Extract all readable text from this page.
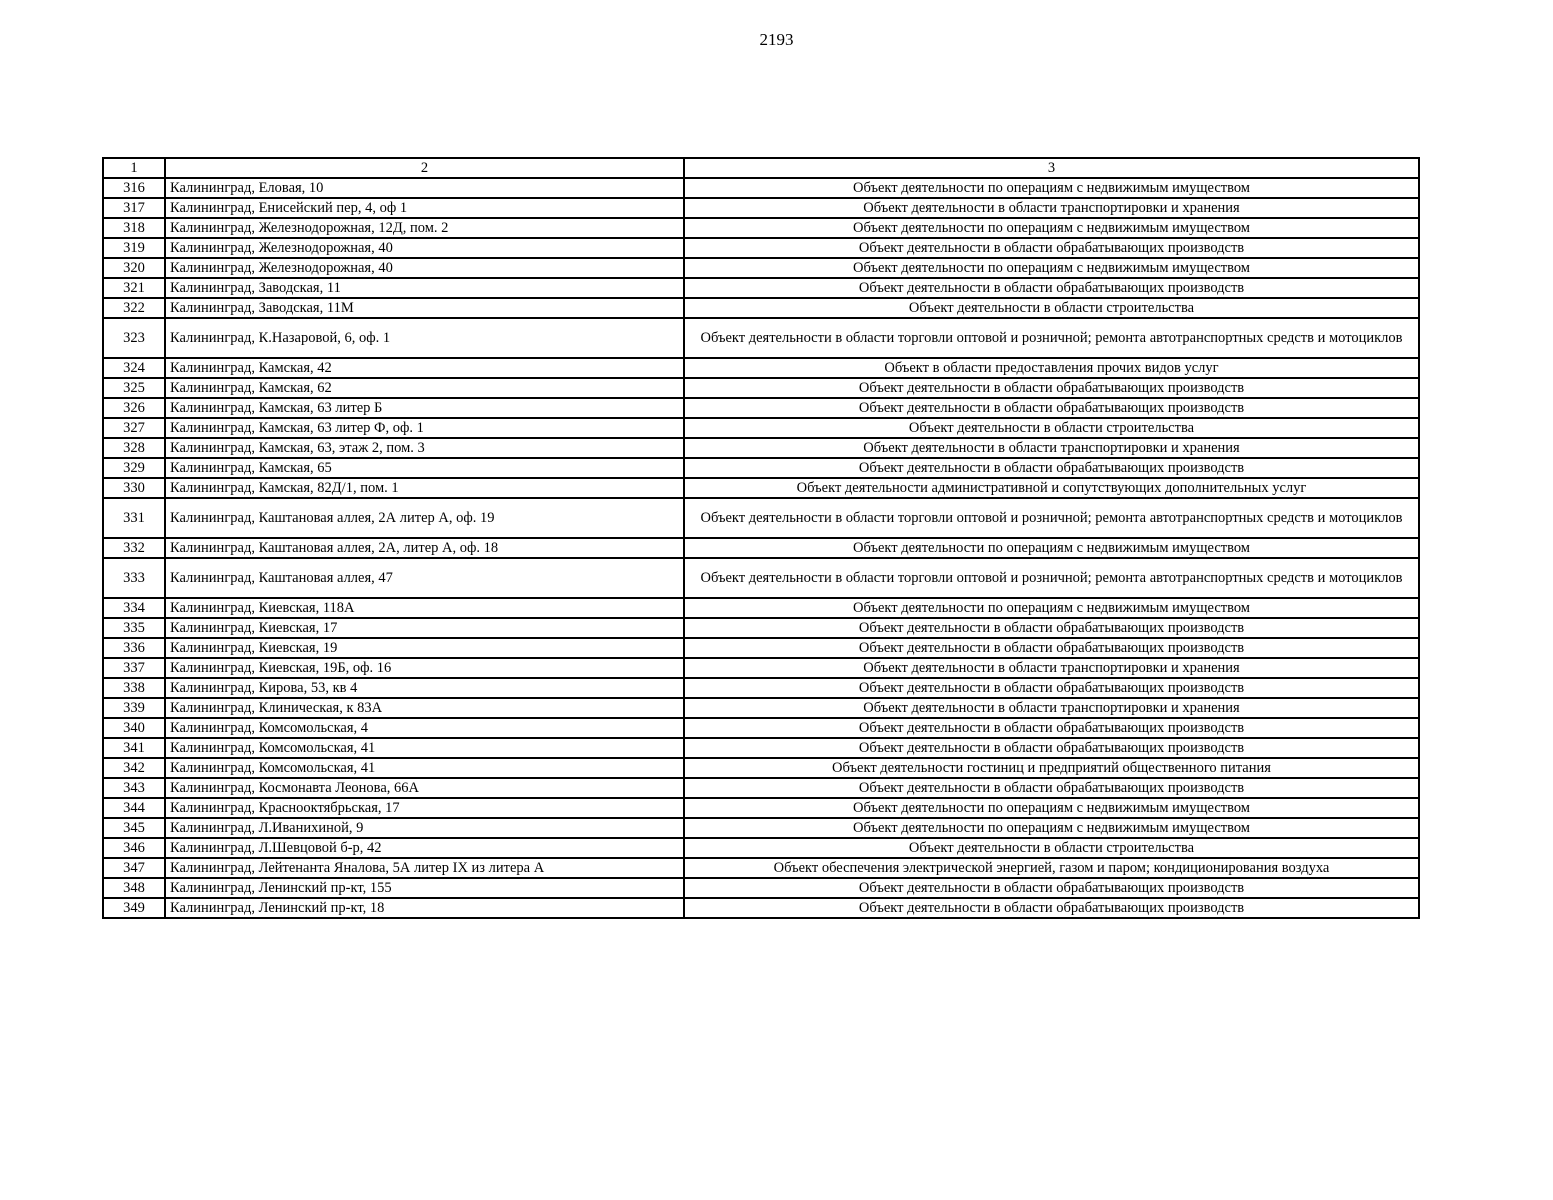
2193
1	2	3
316	Калининград, Еловая, 10	Объект деятельности по операциям с недвижимым имуществом
317	Калининград, Енисейский пер, 4, оф 1	Объект деятельности в области транспортировки и хранения
318	Калининград, Железнодорожная, 12Д, пом. 2	Объект деятельности по операциям с недвижимым имуществом
319	Калининград, Железнодорожная, 40	Объект деятельности в области обрабатывающих производств
320	Калининград, Железнодорожная, 40	Объект деятельности по операциям с недвижимым имуществом
321	Калининград, Заводская, 11	Объект деятельности в области обрабатывающих производств
322	Калининград, Заводская, 11М	Объект деятельности в области строительства
323	Калининград, К.Назаровой, 6, оф. 1	Объект деятельности в области торговли оптовой и розничной; ремонта автотранспортных средств и мотоциклов
324	Калининград, Камская, 42	Объект в области предоставления прочих видов услуг
325	Калининград, Камская, 62	Объект деятельности в области обрабатывающих производств
326	Калининград, Камская, 63 литер Б	Объект деятельности в области обрабатывающих производств
327	Калининград, Камская, 63 литер Ф, оф. 1	Объект деятельности в области строительства
328	Калининград, Камская, 63, этаж 2, пом. 3	Объект деятельности в области транспортировки и хранения
329	Калининград, Камская, 65	Объект деятельности в области обрабатывающих производств
330	Калининград, Камская, 82Д/1, пом. 1	Объект деятельности административной и сопутствующих дополнительных услуг
331	Калининград, Каштановая аллея, 2А литер А, оф. 19	Объект деятельности в области торговли оптовой и розничной; ремонта автотранспортных средств и мотоциклов
332	Калининград, Каштановая аллея, 2А, литер А, оф. 18	Объект деятельности по операциям с недвижимым имуществом
333	Калининград, Каштановая аллея, 47	Объект деятельности в области торговли оптовой и розничной; ремонта автотранспортных средств и мотоциклов
334	Калининград, Киевская, 118А	Объект деятельности по операциям с недвижимым имуществом
335	Калининград, Киевская, 17	Объект деятельности в области обрабатывающих производств
336	Калининград, Киевская, 19	Объект деятельности в области обрабатывающих производств
337	Калининград, Киевская, 19Б, оф. 16	Объект деятельности в области транспортировки и хранения
338	Калининград, Кирова, 53, кв 4	Объект деятельности в области обрабатывающих производств
339	Калининград, Клиническая, к 83А	Объект деятельности в области транспортировки и хранения
340	Калининград, Комсомольская, 4	Объект деятельности в области обрабатывающих производств
341	Калининград, Комсомольская, 41	Объект деятельности в области обрабатывающих производств
342	Калининград, Комсомольская, 41	Объект деятельности гостиниц и предприятий общественного питания
343	Калининград, Космонавта Леонова, 66А	Объект деятельности в области обрабатывающих производств
344	Калининград, Краснооктябрьская, 17	Объект деятельности по операциям с недвижимым имуществом
345	Калининград, Л.Иванихиной, 9	Объект деятельности по операциям с недвижимым имуществом
346	Калининград, Л.Шевцовой б-р, 42	Объект деятельности в области строительства
347	Калининград, Лейтенанта Яналова, 5А литер IX из литера А	Объект обеспечения электрической энергией, газом и паром; кондиционирования воздуха
348	Калининград, Ленинский пр-кт, 155	Объект деятельности в области обрабатывающих производств
349	Калининград, Ленинский пр-кт, 18	Объект деятельности в области обрабатывающих производств
